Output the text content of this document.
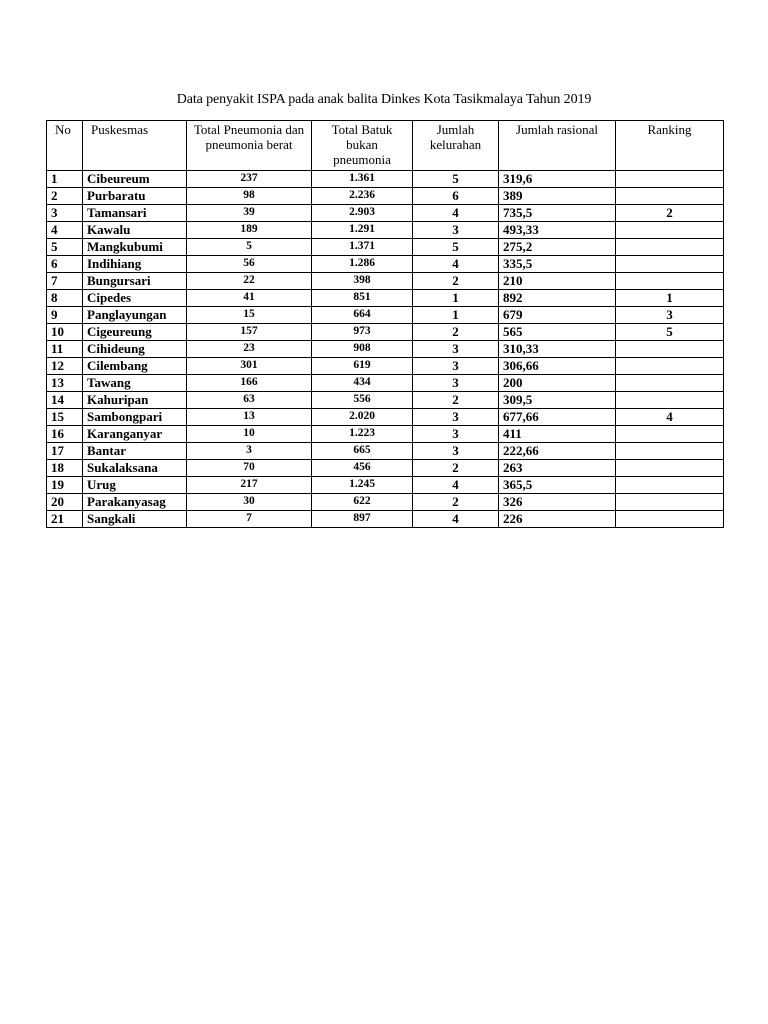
Data penyakit ISPA pada anak balita Dinkes Kota Tasikmalaya Tahun 2019
No	Puskesmas	Total Pneumonia dan pneumonia berat	Total Batuk bukan pneumonia	Jumlah kelurahan	Jumlah rasional	Ranking
1	Cibeureum	237	1.361	5	319,6	
2	Purbaratu	98	2.236	6	389	
3	Tamansari	39	2.903	4	735,5	2
4	Kawalu	189	1.291	3	493,33	
5	Mangkubumi	5	1.371	5	275,2	
6	Indihiang	56	1.286	4	335,5	
7	Bungursari	22	398	2	210	
8	Cipedes	41	851	1	892	1
9	Panglayungan	15	664	1	679	3
10	Cigeureung	157	973	2	565	5
11	Cihideung	23	908	3	310,33	
12	Cilembang	301	619	3	306,66	
13	Tawang	166	434	3	200	
14	Kahuripan	63	556	2	309,5	
15	Sambongpari	13	2.020	3	677,66	4
16	Karanganyar	10	1.223	3	411	
17	Bantar	3	665	3	222,66	
18	Sukalaksana	70	456	2	263	
19	Urug	217	1.245	4	365,5	
20	Parakanyasag	30	622	2	326	
21	Sangkali	7	897	4	226	
